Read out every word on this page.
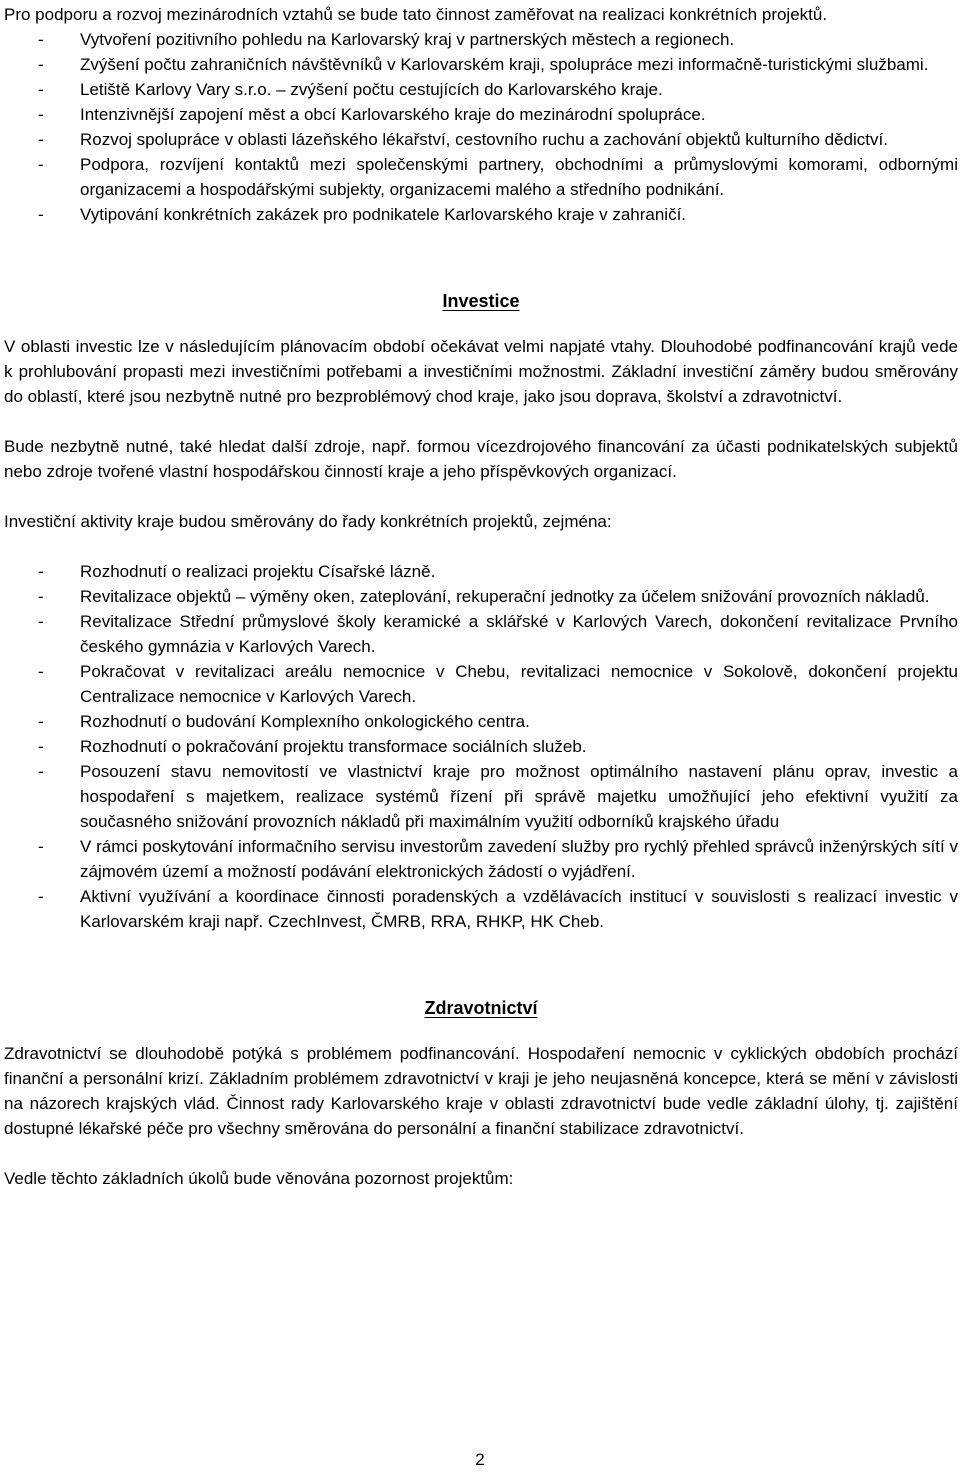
Pro podporu a rozvoj mezinárodních vztahů se bude tato činnost zaměřovat na realizaci konkrétních projektů.

- Vytvoření pozitivního pohledu na Karlovarský kraj v partnerských městech a regionech.
- Zvýšení počtu zahraničních návštěvníků v Karlovarském kraji, spolupráce mezi informačně-turistickými službami.
- Letiště Karlovy Vary s.r.o. – zvýšení počtu cestujících do Karlovarského kraje.
- Intenzivnější zapojení měst a obcí Karlovarského kraje do mezinárodní spolupráce.
- Rozvoj spolupráce v oblasti lázeňského lékařství, cestovního ruchu a zachování objektů kulturního dědictví.
- Podpora, rozvíjení kontaktů mezi společenskými partnery, obchodními a průmyslovými komorami, odbornými organizacemi a hospodářskými subjekty, organizacemi malého a středního podnikání.
- Vytipování konkrétních zakázek pro podnikatele Karlovarského kraje v zahraničí.
Investice

V oblasti investic lze v následujícím plánovacím období očekávat velmi napjaté vtahy. Dlouhodobé podfinancování krajů vede k prohlubování propasti mezi investičními potřebami a investičními možnostmi. Základní investiční záměry budou směrovány do oblastí, které jsou nezbytně nutné pro bezproblémový chod kraje, jako jsou doprava, školství a zdravotnictví.

Bude nezbytně nutné, také hledat další zdroje, např. formou vícezdrojového financování za účasti podnikatelských subjektů nebo zdroje tvořené vlastní hospodářskou činností kraje a jeho příspěvkových organizací.

Investiční aktivity kraje budou směrovány do řady konkrétních projektů, zejména:

- Rozhodnutí o realizaci projektu Císařské lázně.
- Revitalizace objektů – výměny oken, zateplování, rekuperační jednotky za účelem snižování provozních nákladů.
- Revitalizace Střední průmyslové školy keramické a sklářské v Karlových Varech, dokončení revitalizace Prvního českého gymnázia v Karlových Varech.
- Pokračovat v revitalizaci areálu nemocnice v Chebu, revitalizaci nemocnice v Sokolově, dokončení projektu Centralizace nemocnice v Karlových Varech.
- Rozhodnutí o budování Komplexního onkologického centra.
- Rozhodnutí o pokračování projektu transformace sociálních služeb.
- Posouzení stavu nemovitostí ve vlastnictví kraje pro možnost optimálního nastavení plánu oprav, investic a hospodaření s majetkem, realizace systémů řízení při správě majetku umožňující jeho efektivní využití za současného snižování provozních nákladů při maximálním využití odborníků krajského úřadu
- V rámci poskytování informačního servisu investorům zavedení služby pro rychlý přehled správců inženýrských sítí v zájmovém území a možností podávání elektronických žádostí o vyjádření.
- Aktivní využívání a koordinace činnosti poradenských a vzdělávacích institucí v souvislosti s realizací investic v Karlovarském kraji např. CzechInvest, ČMRB, RRA, RHKP, HK Cheb.
Zdravotnictví

Zdravotnictví se dlouhodobě potýká s problémem podfinancování. Hospodaření nemocnic v cyklických obdobích prochází finanční a personální krizí. Základním problémem zdravotnictví v kraji je jeho neujasněná koncepce, která se mění v závislosti na názorech krajských vlád. Činnost rady Karlovarského kraje v oblasti zdravotnictví bude vedle základní úlohy, tj. zajištění dostupné lékařské péče pro všechny směrována do personální a finanční stabilizace zdravotnictví.

Vedle těchto základních úkolů bude věnována pozornost projektům:

2
